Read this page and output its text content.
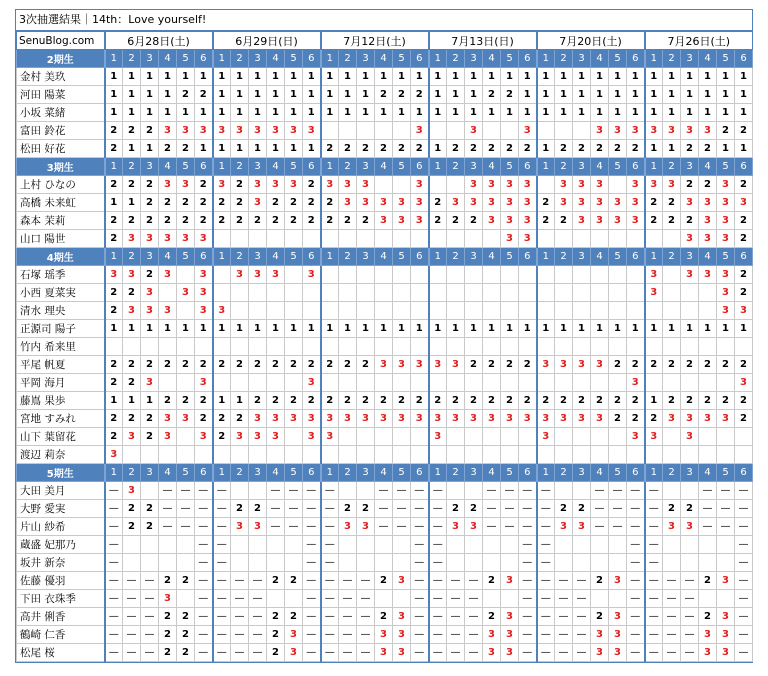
3次抽選結果｜14th：Love yourself!
SenuBlog.com	6月28日(土)						6月29日(日)						7月12日(土)						7月13日(日)						7月20日(土)						7月26日(土)					
2期生	1	2	3	4	5	6	1	2	3	4	5	6	1	2	3	4	5	6	1	2	3	4	5	6	1	2	3	4	5	6	1	2	3	4	5	6
金村 美玖	1	1	1	1	1	1	1	1	1	1	1	1	1	1	1	1	1	1	1	1	1	1	1	1	1	1	1	1	1	1	1	1	1	1	1	1
河田 陽菜	1	1	1	1	2	2	1	1	1	1	1	1	1	1	1	2	2	2	1	1	1	2	2	1	1	1	1	1	1	1	1	1	1	1	1	1
小坂 菜緒	1	1	1	1	1	1	1	1	1	1	1	1	1	1	1	1	1	1	1	1	1	1	1	1	1	1	1	1	1	1	1	1	1	1	1	1
富田 鈴花	2	2	2	3	3	3	3	3	3	3	3	3						3			3			3				3	3	3	3	3	3	3	2	2
松田 好花	2	1	1	2	2	1	1	1	1	1	1	1	2	2	2	2	2	2	1	2	2	2	2	2	1	2	2	2	2	2	1	1	2	2	1	1
3期生	1	2	3	4	5	6	1	2	3	4	5	6	1	2	3	4	5	6	1	2	3	4	5	6	1	2	3	4	5	6	1	2	3	4	5	6
上村 ひなの	2	2	2	3	3	2	3	2	3	3	3	2	3	3	3			3			3	3	3	3		3	3	3		3	3	3	2	2	3	2
高橋 未来虹	1	1	2	2	2	2	2	2	3	2	2	2	2	3	3	3	3	3	2	3	3	3	3	3	2	3	3	3	3	3	2	2	3	3	3	3
森本 茉莉	2	2	2	2	2	2	2	2	2	2	2	2	2	2	2	3	3	3	2	2	2	3	3	3	2	2	3	3	3	3	2	2	2	3	3	2
山口 陽世	2	3	3	3	3	3																	3	3									3	3	3	2
4期生	1	2	3	4	5	6	1	2	3	4	5	6	1	2	3	4	5	6	1	2	3	4	5	6	1	2	3	4	5	6	1	2	3	4	5	6
石塚 瑶季	3	3	2	3		3		3	3	3		3																			3		3	3	3	2
小西 夏菜実	2	2	3		3	3																									3				3	2
清水 理央	2	3	3	3		3	3																												3	3
正源司 陽子	1	1	1	1	1	1	1	1	1	1	1	1	1	1	1	1	1	1	1	1	1	1	1	1	1	1	1	1	1	1	1	1	1	1	1	1
竹内 希来里																																				
平尾 帆夏	2	2	2	2	2	2	2	2	2	2	2	2	2	2	2	3	3	3	3	3	2	2	2	2	3	3	3	3	2	2	2	2	2	2	2	2
平岡 海月	2	2	3			3						3																		3						3
藤嶌 果歩	1	1	1	2	2	2	1	1	2	2	2	2	2	2	2	2	2	2	2	2	2	2	2	2	2	2	2	2	2	2	1	2	2	2	2	2
宮地 すみれ	2	2	2	3	3	2	2	2	3	3	3	3	3	3	3	3	3	3	3	3	3	3	3	3	3	3	3	3	2	2	2	3	3	3	3	2
山下 葉留花	2	3	2	3		3	2	3	3	3		3	3						3						3					3	3		3			
渡辺 莉奈	3																																			
5期生	1	2	3	4	5	6	1	2	3	4	5	6	1	2	3	4	5	6	1	2	3	4	5	6	1	2	3	4	5	6	1	2	3	4	5	6
大田 美月	—	3		—	—	—	—			—	—	—	—			—	—	—	—			—	—	—	—			—	—	—	—			—	—	—
大野 愛実	—	2	2	—	—	—	—	2	2	—	—	—	—	2	2	—	—	—	—	2	2	—	—	—	—	2	2	—	—	—	—	2	2	—	—	—
片山 紗希	—	2	2	—	—	—	—	3	3	—	—	—	—	3	3	—	—	—	—	3	3	—	—	—	—	3	3	—	—	—	—	3	3	—	—	—
蔵盛 妃那乃	—					—	—					—	—					—	—					—	—					—	—					—
坂井 新奈	—					—	—					—	—					—	—					—	—					—	—					—
佐藤 優羽	—	—	—	2	2	—	—	—	—	2	2	—	—	—	—	2	3	—	—	—	—	2	3	—	—	—	—	2	3	—	—	—	—	2	3	—
下田 衣珠季	—	—	—	3		—	—	—	—			—	—	—	—			—	—	—	—			—	—	—	—			—	—	—	—			—
高井 俐香	—	—	—	2	2	—	—	—	—	2	2	—	—	—	—	2	3	—	—	—	—	2	3	—	—	—	—	2	3	—	—	—	—	2	3	—
鶴崎 仁香	—	—	—	2	2	—	—	—	—	2	3	—	—	—	—	3	3	—	—	—	—	3	3	—	—	—	—	3	3	—	—	—	—	3	3	—
松尾 桜	—	—	—	2	2	—	—	—	—	2	3	—	—	—	—	3	3	—	—	—	—	3	3	—	—	—	—	3	3	—	—	—	—	3	3	—
